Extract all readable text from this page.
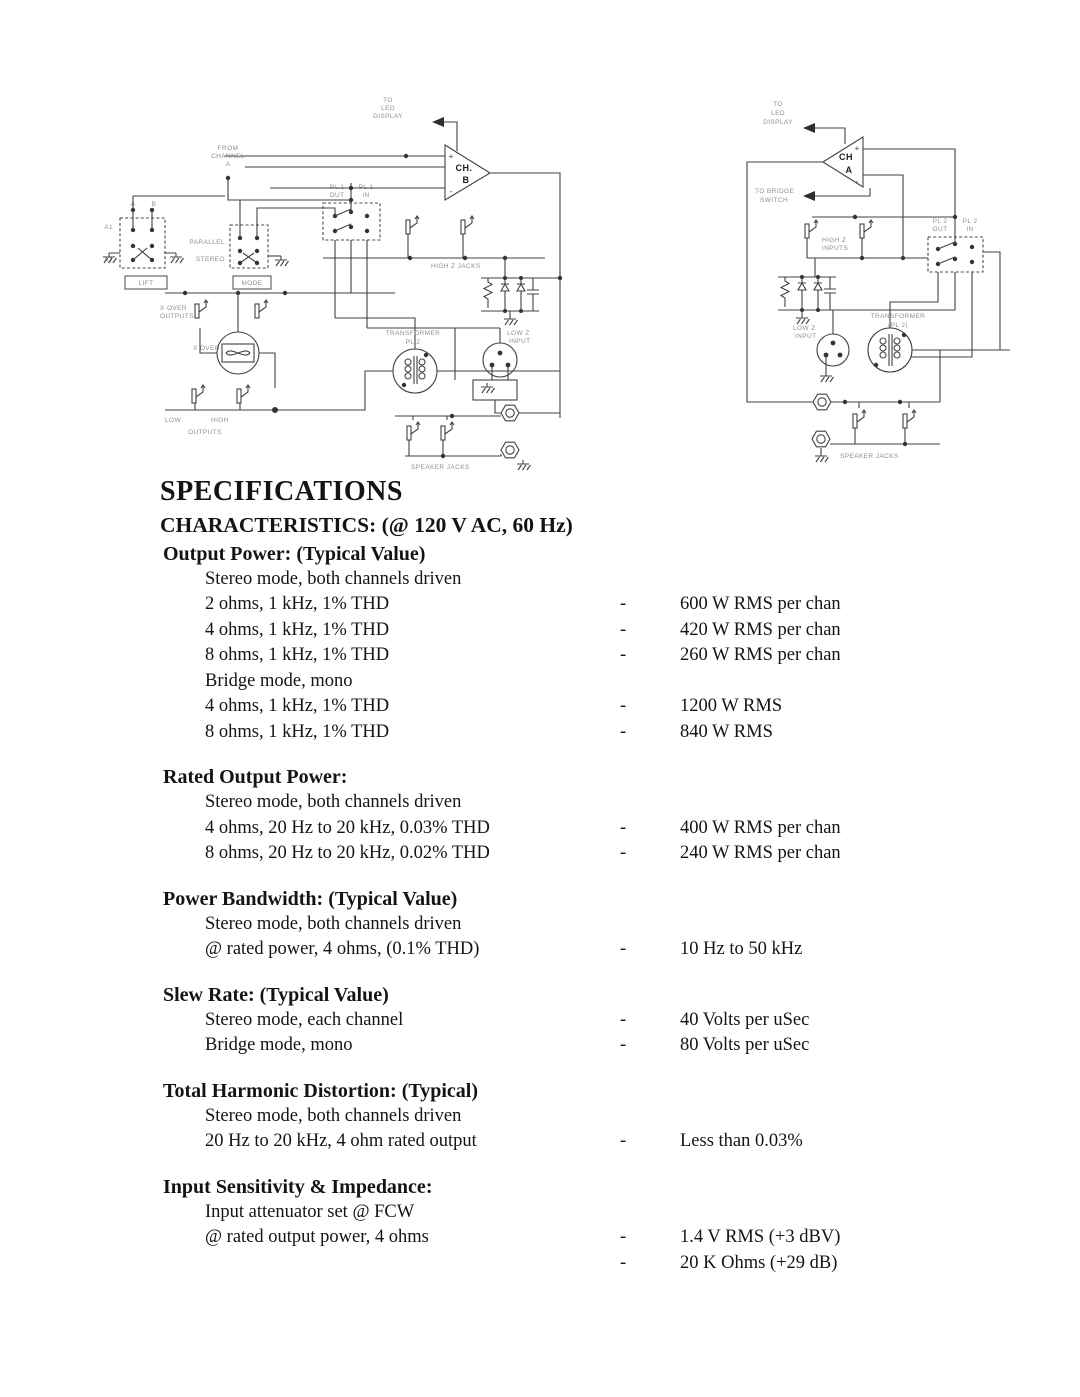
TO
LED
DISPLAY
CH.
B
+
-
FROM
CHANNEL
A
A	B
A1
A2
LIFT
PARALLEL
STEREO
MODE
PL 1
OUT
PL 1
IN
HIGH Z JACKS
X OVER
OUTPUTS
X OVER
LOW	HIGH
OUTPUTS
TRANSFORMER
PL 2
LOW Z
INPUT
SPEAKER JACKS
TO
LED
DISPLAY
CH
A
+
-
TO BRIDGE
SWITCH
HIGH Z
INPUTS
PL 2
OUT
PL 2
IN
LOW Z
INPUT
TRANSFORMER
(PL 2)
SPEAKER JACKS
SPECIFICATIONS
CHARACTERISTICS: (@ 120 V AC, 60 Hz)
Output Power: (Typical Value)
Stereo mode, both channels driven
2 ohms, 1 kHz, 1% THD	-	600 W RMS per chan
4 ohms, 1 kHz, 1% THD	-	420 W RMS per chan
8 ohms, 1 kHz, 1% THD	-	260 W RMS per chan
Bridge mode, mono
4 ohms, 1 kHz, 1% THD	-	1200 W RMS
8 ohms, 1 kHz, 1% THD	-	840 W RMS
Rated Output Power:
Stereo mode, both channels driven
4 ohms, 20 Hz to 20 kHz, 0.03% THD	-	400 W RMS per chan
8 ohms, 20 Hz to 20 kHz, 0.02% THD	-	240 W RMS per chan
Power Bandwidth: (Typical Value)
Stereo mode, both channels driven
@ rated power, 4 ohms, (0.1% THD)	-	10 Hz to 50 kHz
Slew Rate: (Typical Value)
Stereo mode, each channel	-	40 Volts per uSec
Bridge mode, mono	-	80 Volts per uSec
Total Harmonic Distortion: (Typical)
Stereo mode, both channels driven
20 Hz to 20 kHz, 4 ohm rated output	-	Less than 0.03%
Input Sensitivity & Impedance:
Input attenuator set @ FCW
@ rated output power, 4 ohms	-	1.4 V RMS (+3 dBV)
-	20 K Ohms (+29 dB)
